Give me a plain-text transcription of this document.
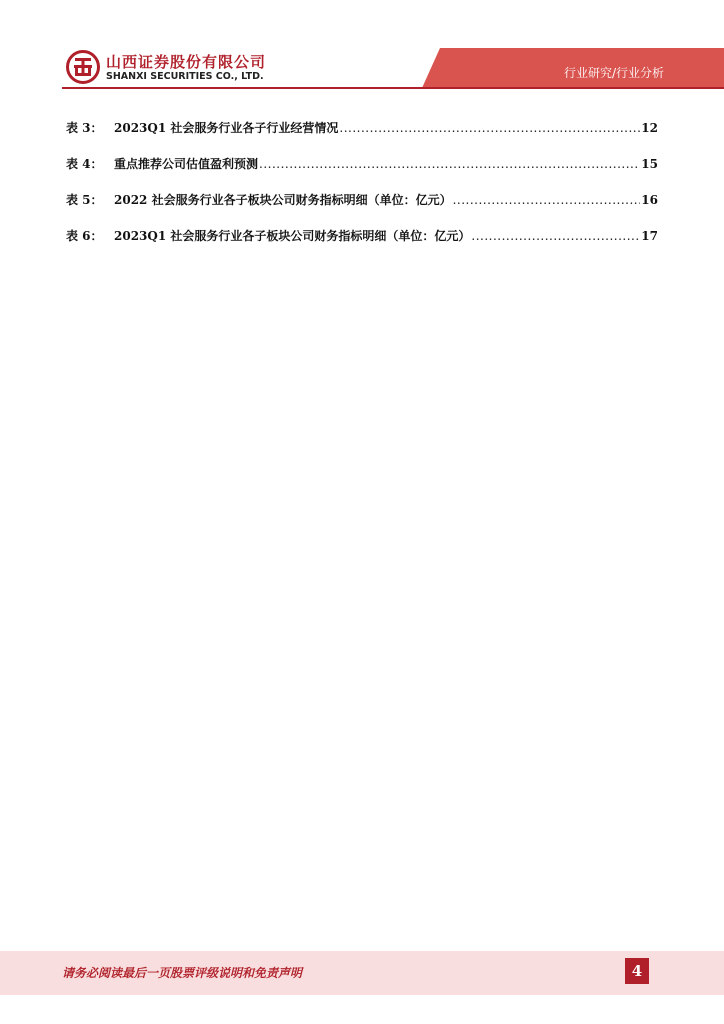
山西证券股份有限公司
SHANXI SECURITIES CO., LTD.	行业研究/行业分析
表 3： 2023Q1 社会服务行业各子行业经营情况 .....	12
表 4： 重点推荐公司估值盈利预测 .....	15
表 5： 2022 社会服务行业各子板块公司财务指标明细（单位：亿元） .....	16
表 6： 2023Q1 社会服务行业各子板块公司财务指标明细（单位：亿元） .....	17
请务必阅读最后一页股票评级说明和免责声明	4
